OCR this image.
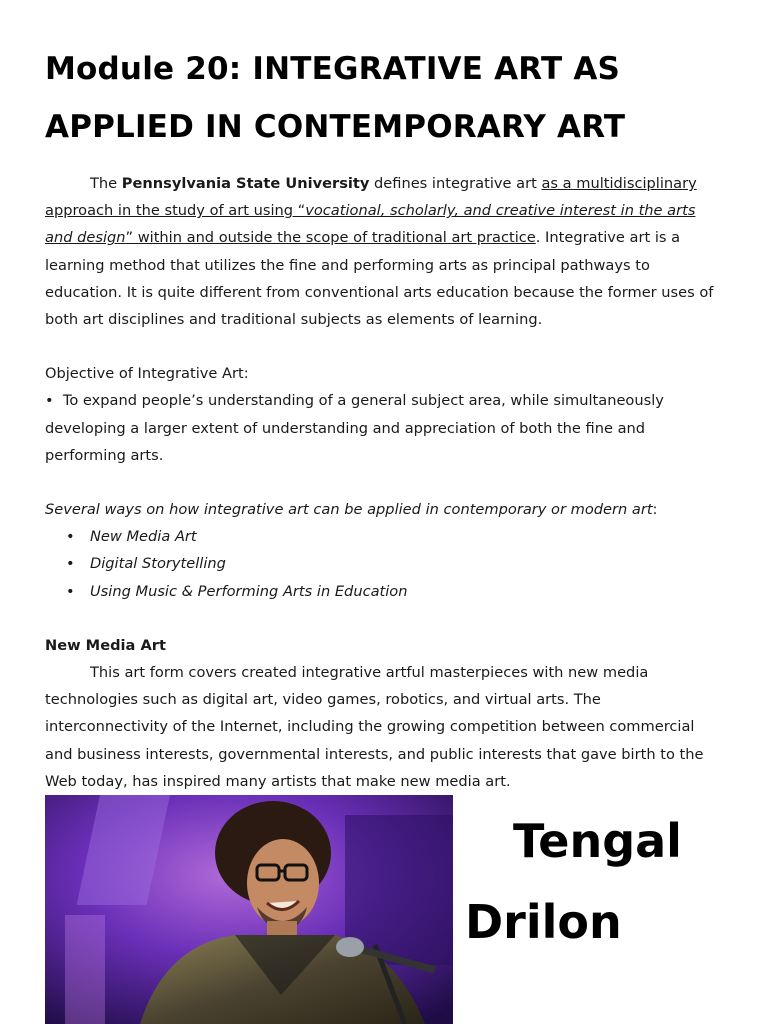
Module 20: INTEGRATIVE ART AS
APPLIED IN CONTEMPORARY ART

The Pennsylvania State University defines integrative art as a multidisciplinary approach in the study of art using “vocational, scholarly, and creative interest in the arts and design” within and outside the scope of traditional art practice. Integrative art is a learning method that utilizes the fine and performing arts as principal pathways to education. It is quite different from conventional arts education because the former uses of both art disciplines and traditional subjects as elements of learning.

Objective of Integrative Art:

• To expand people’s understanding of a general subject area, while simultaneously developing a larger extent of understanding and appreciation of both the fine and performing arts.

Several ways on how integrative art can be applied in contemporary or modern art:

• New Media Art
• Digital Storytelling
• Using Music & Performing Arts in Education

New Media Art

This art form covers created integrative artful masterpieces with new media technologies such as digital art, video games, robotics, and virtual arts. The interconnectivity of the Internet, including the growing competition between commercial and business interests, governmental interests, and public interests that gave birth to the Web today, has inspired many artists that make new media art.

Tengal
Drilon
